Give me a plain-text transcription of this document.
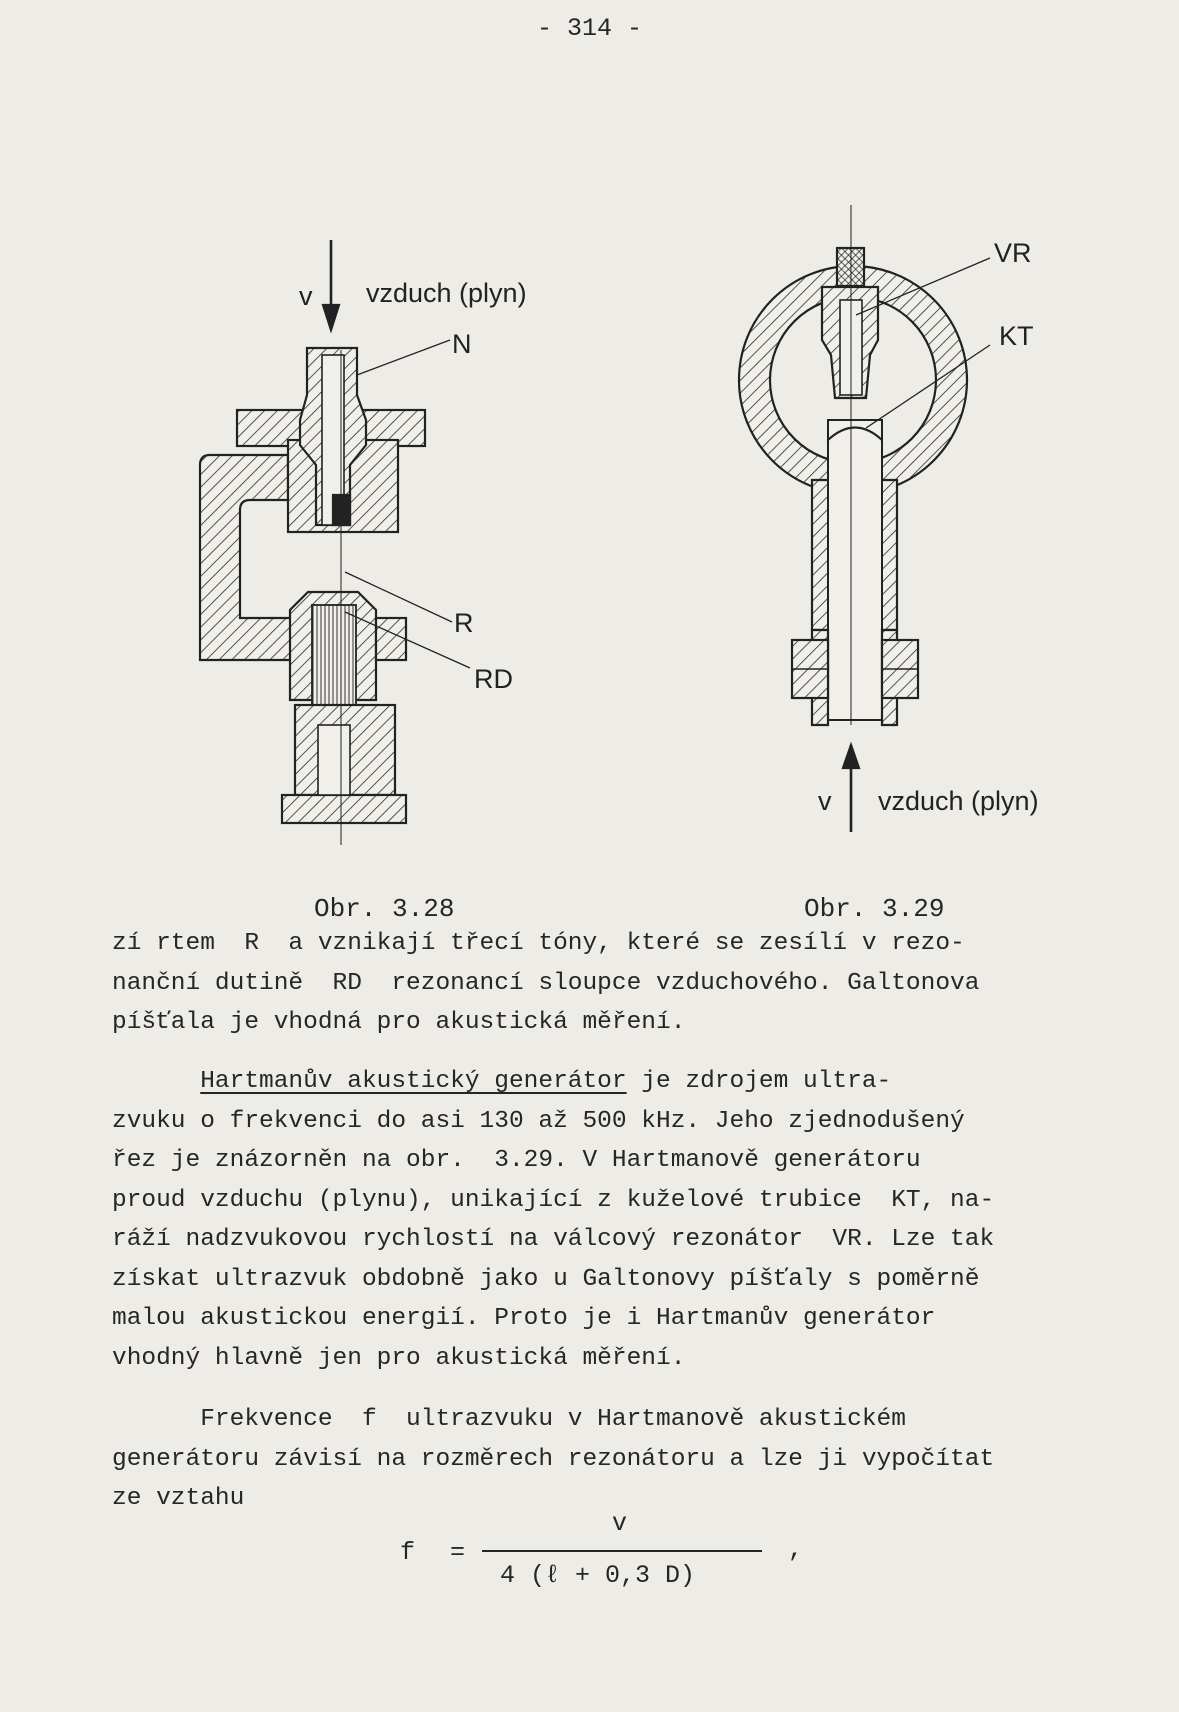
- 314 -
v vzduch (plyn)
N
R
RD
VR
KT
v vzduch (plyn)
Obr. 3.28	Obr. 3.29
zí rtem  R  a vznikají třecí tóny, které se zesílí v rezo-
nanční dutině  RD  rezonancí sloupce vzduchového. Galtonova
píšťala je vhodná pro akustická měření.
Hartmanův akustický generátor je zdrojem ultra-
zvuku o frekvenci do asi 130 až 500 kHz. Jeho zjednodušený
řez je znázorněn na obr.  3.29. V Hartmanově generátoru
proud vzduchu (plynu), unikající z kuželové trubice  KT, na-
ráží nadzvukovou rychlostí na válcový rezonátor  VR. Lze tak
získat ultrazvuk obdobně jako u Galtonovy píšťaly s poměrně
malou akustickou energií. Proto je i Hartmanův generátor
vhodný hlavně jen pro akustická měření.
Frekvence  f  ultrazvuku v Hartmanově akustickém
generátoru závisí na rozměrech rezonátoru a lze ji vypočítat
ze vztahu
f =
v
4 (ℓ + 0,3 D)
,
